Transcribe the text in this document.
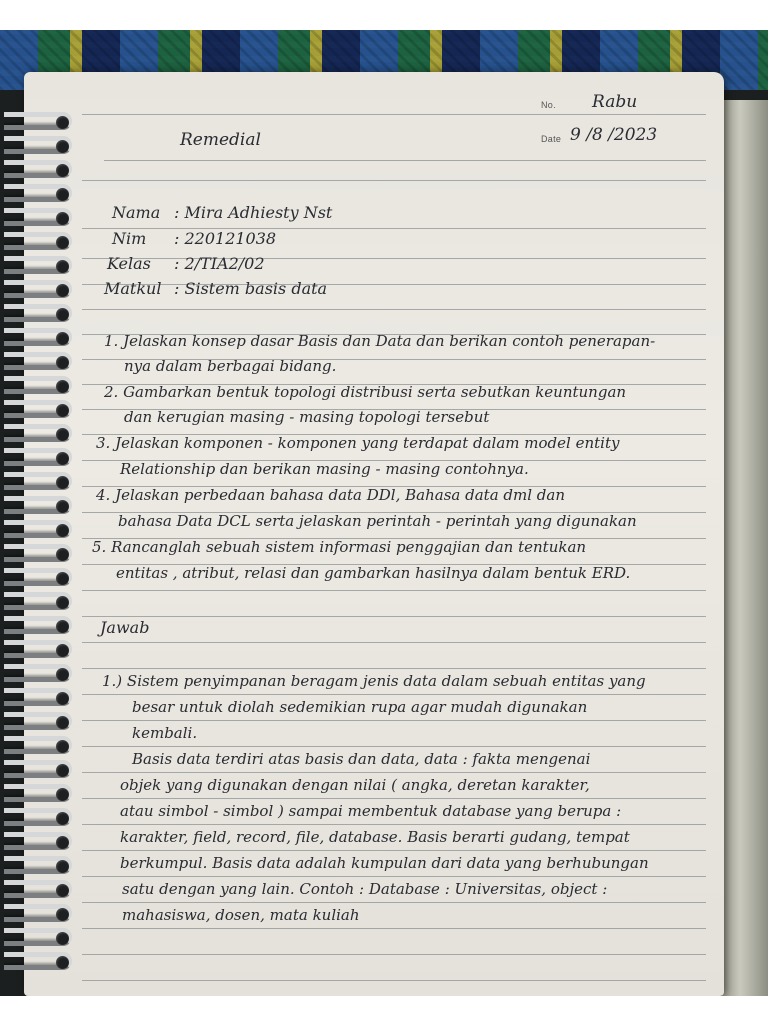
No. Rabu
Date 9 /8 /2023
Remedial
Nama : Mira Adhiesty Nst
Nim : 220121038
Kelas : 2/TIA2/02
Matkul : Sistem basis data
1. Jelaskan konsep dasar Basis dan Data dan berikan contoh penerapan-
nya dalam berbagai bidang.
2. Gambarkan bentuk topologi distribusi serta sebutkan keuntungan
dan kerugian masing - masing topologi tersebut
3. Jelaskan komponen - komponen yang terdapat dalam model entity
Relationship dan berikan masing - masing contohnya.
4. Jelaskan perbedaan bahasa data DDl, Bahasa data dml dan
bahasa Data DCL serta jelaskan perintah - perintah yang digunakan
5. Rancanglah sebuah sistem informasi penggajian dan tentukan
entitas , atribut, relasi dan gambarkan hasilnya dalam bentuk ERD.
Jawab
1.) Sistem penyimpanan beragam jenis data dalam sebuah entitas yang
besar untuk diolah sedemikian rupa agar mudah digunakan
kembali.
Basis data terdiri atas basis dan data, data : fakta mengenai
objek yang digunakan dengan nilai ( angka, deretan karakter,
atau simbol - simbol ) sampai membentuk database yang berupa :
karakter, field, record, file, database. Basis berarti gudang, tempat
berkumpul. Basis data adalah kumpulan dari data yang berhubungan
satu dengan yang lain. Contoh : Database : Universitas, object :
mahasiswa, dosen, mata kuliah
